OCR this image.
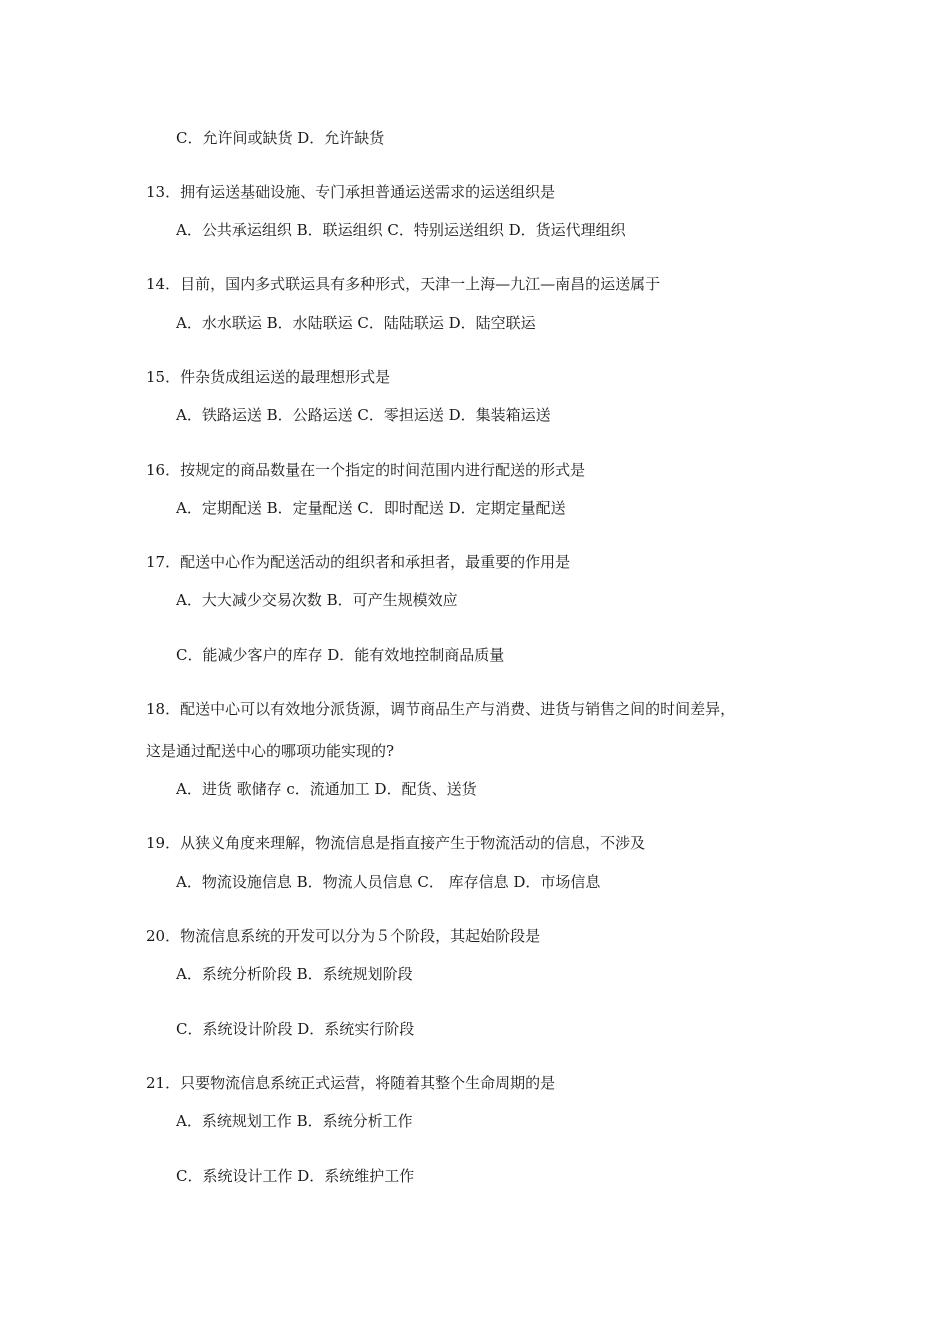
C．允许间或缺货 D．允许缺货
13．拥有运送基础设施、专门承担普通运送需求的运送组织是
A．公共承运组织 B．联运组织 C．特别运送组织 D．货运代理组织
14．目前，国内多式联运具有多种形式，天津一上海—九江—南昌的运送属于
A．水水联运 B．水陆联运 C．陆陆联运 D．陆空联运
15．件杂货成组运送的最理想形式是
A．铁路运送 B．公路运送 C．零担运送 D．集装箱运送
16．按规定的商品数量在一个指定的时间范围内进行配送的形式是
A．定期配送 B．定量配送 C．即时配送 D．定期定量配送
17．配送中心作为配送活动的组织者和承担者，最重要的作用是
A．大大减少交易次数 B．可产生规模效应
C．能减少客户的库存 D．能有效地控制商品质量
18．配送中心可以有效地分派货源，调节商品生产与消费、进货与销售之间的时间差异，
这是通过配送中心的哪项功能实现的?
A．进货 歌储存 c．流通加工 D．配货、送货
19．从狭义角度来理解，物流信息是指直接产生于物流活动的信息，不涉及
A．物流设施信息 B．物流人员信息 C． 库存信息 D．市场信息
20．物流信息系统的开发可以分为５个阶段，其起始阶段是
A．系统分析阶段 B．系统规划阶段
C．系统设计阶段 D．系统实行阶段
21．只要物流信息系统正式运营，将随着其整个生命周期的是
A．系统规划工作 B．系统分析工作
C．系统设计工作 D．系统维护工作
